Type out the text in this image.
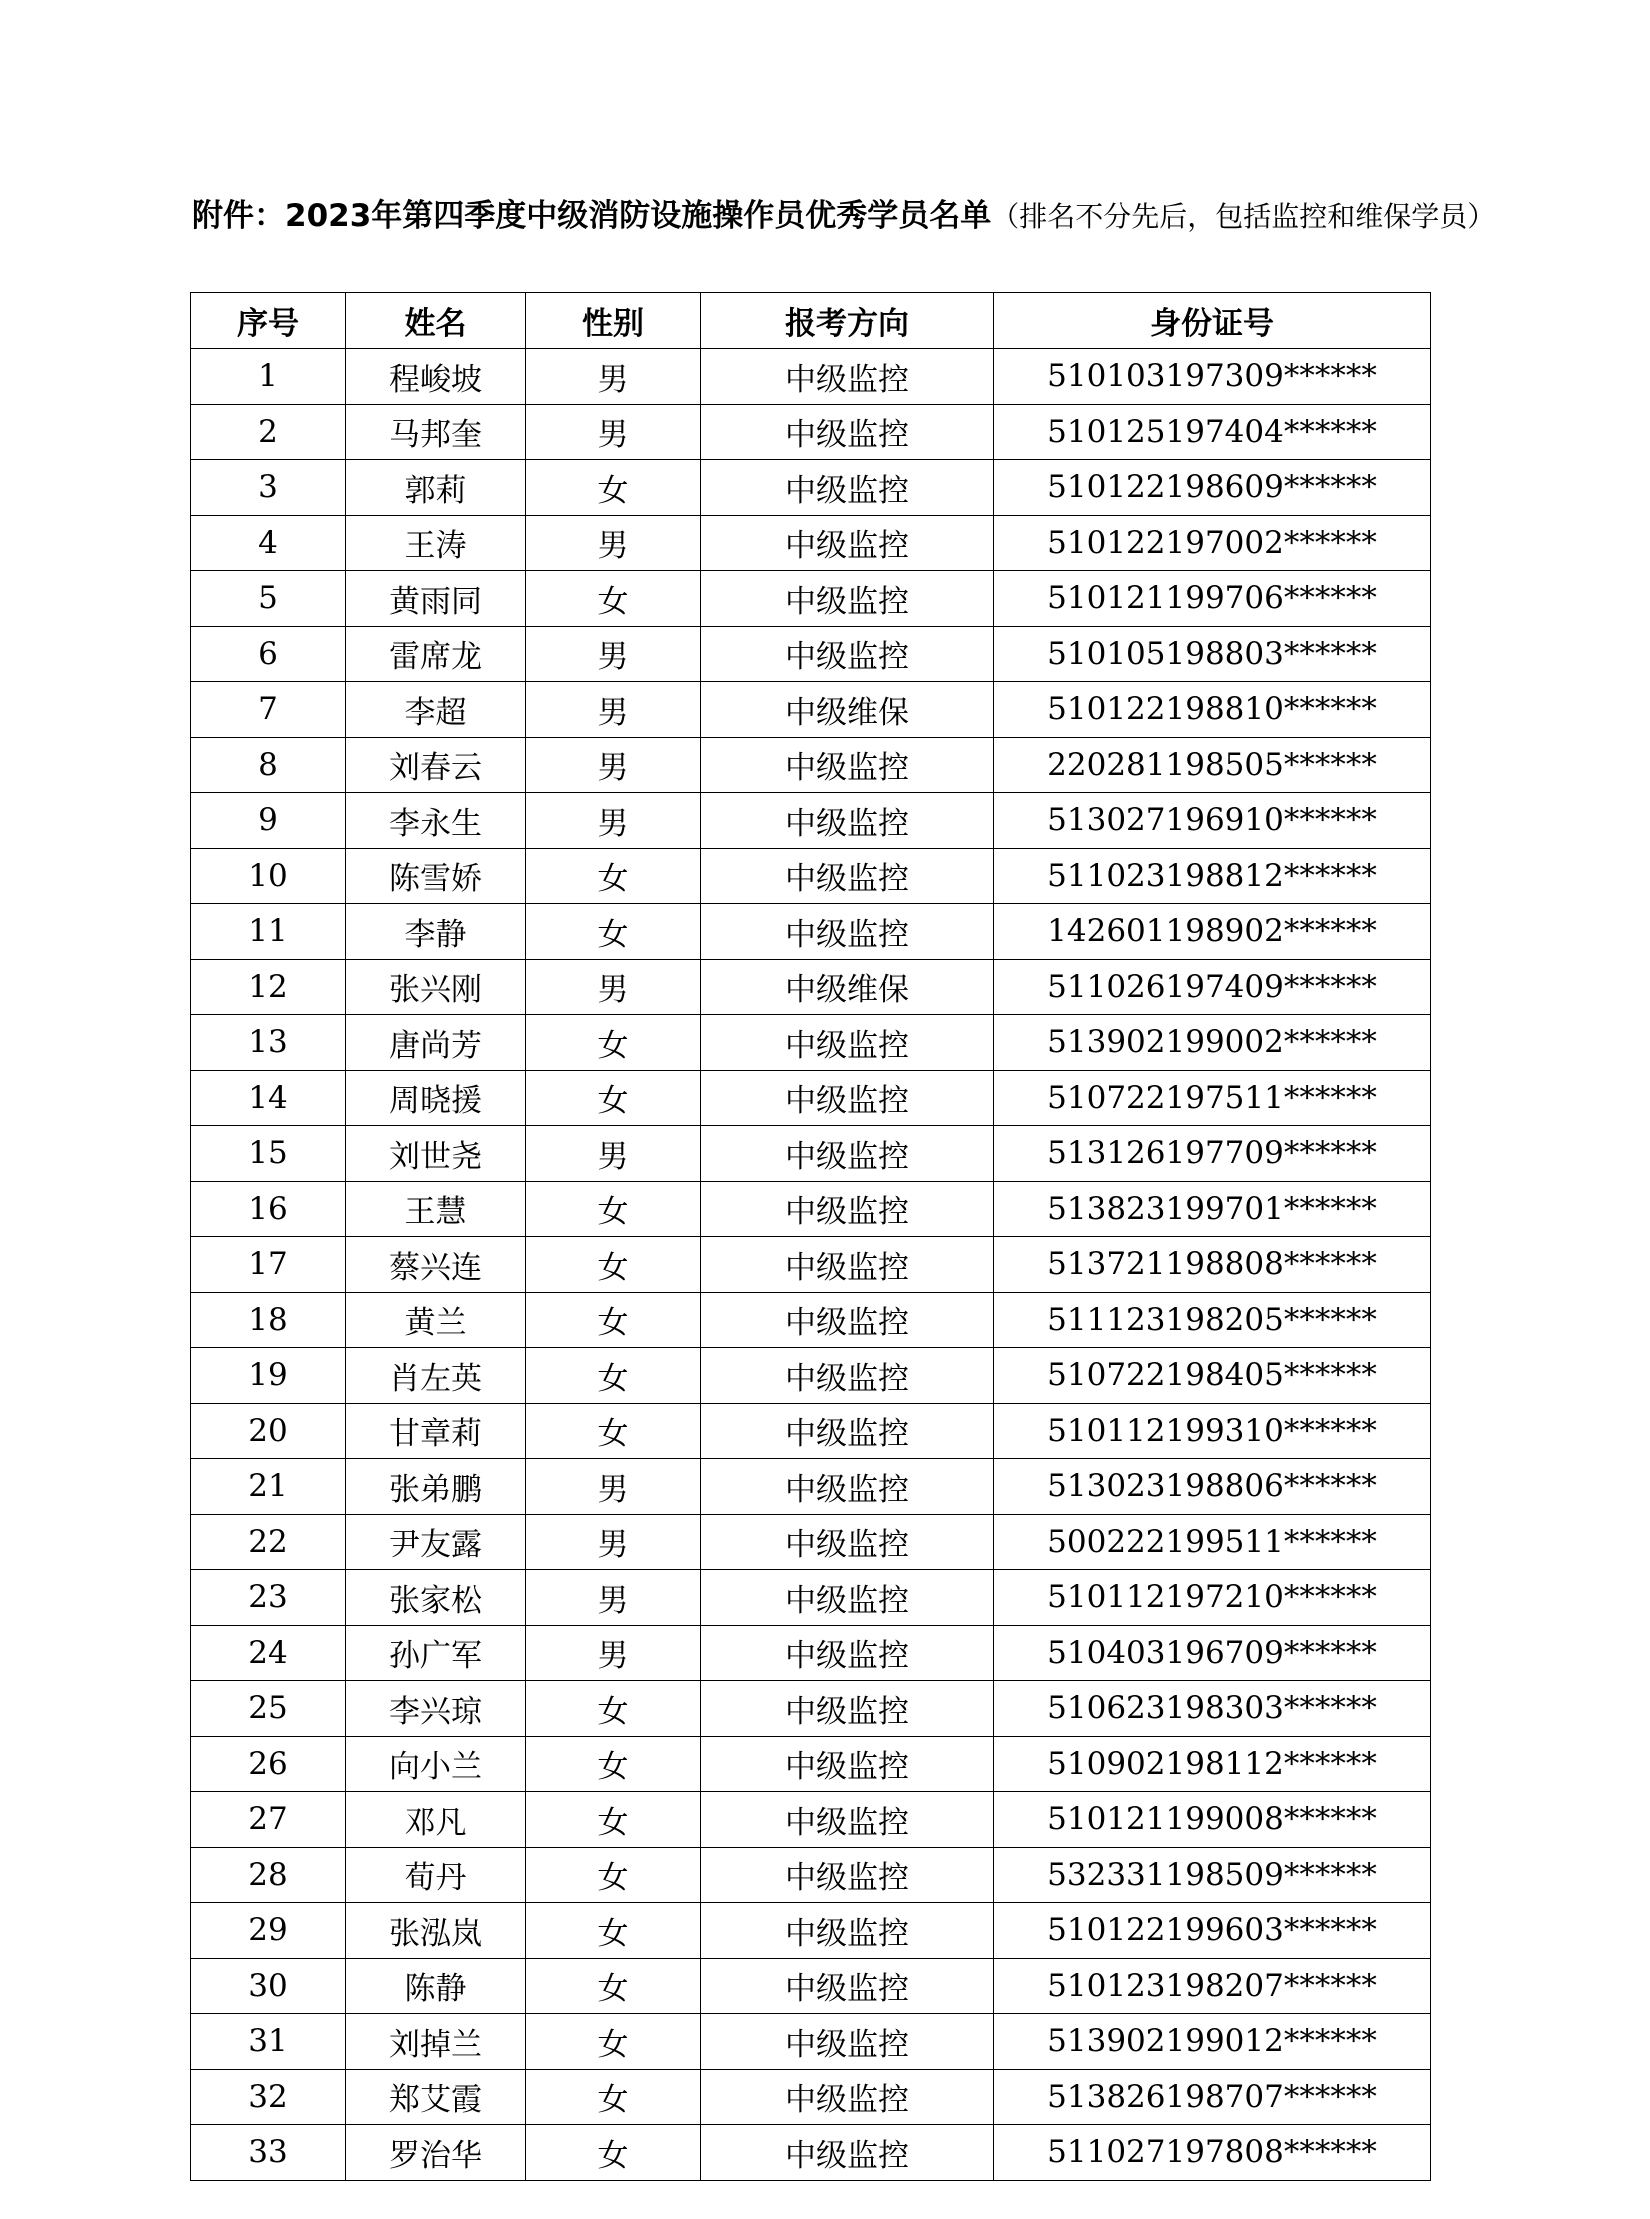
附件：2023年第四季度中级消防设施操作员优秀学员名单（排名不分先后，包括监控和维保学员）
序号	姓名	性别	报考方向	身份证号
1	程峻坡	男	中级监控	510103197309******
2	马邦奎	男	中级监控	510125197404******
3	郭莉	女	中级监控	510122198609******
4	王涛	男	中级监控	510122197002******
5	黄雨同	女	中级监控	510121199706******
6	雷席龙	男	中级监控	510105198803******
7	李超	男	中级维保	510122198810******
8	刘春云	男	中级监控	220281198505******
9	李永生	男	中级监控	513027196910******
10	陈雪娇	女	中级监控	511023198812******
11	李静	女	中级监控	142601198902******
12	张兴刚	男	中级维保	511026197409******
13	唐尚芳	女	中级监控	513902199002******
14	周晓援	女	中级监控	510722197511******
15	刘世尧	男	中级监控	513126197709******
16	王慧	女	中级监控	513823199701******
17	蔡兴连	女	中级监控	513721198808******
18	黄兰	女	中级监控	511123198205******
19	肖左英	女	中级监控	510722198405******
20	甘章莉	女	中级监控	510112199310******
21	张弟鹏	男	中级监控	513023198806******
22	尹友露	男	中级监控	500222199511******
23	张家松	男	中级监控	510112197210******
24	孙广军	男	中级监控	510403196709******
25	李兴琼	女	中级监控	510623198303******
26	向小兰	女	中级监控	510902198112******
27	邓凡	女	中级监控	510121199008******
28	荀丹	女	中级监控	532331198509******
29	张泓岚	女	中级监控	510122199603******
30	陈静	女	中级监控	510123198207******
31	刘掉兰	女	中级监控	513902199012******
32	郑艾霞	女	中级监控	513826198707******
33	罗治华	女	中级监控	511027197808******
